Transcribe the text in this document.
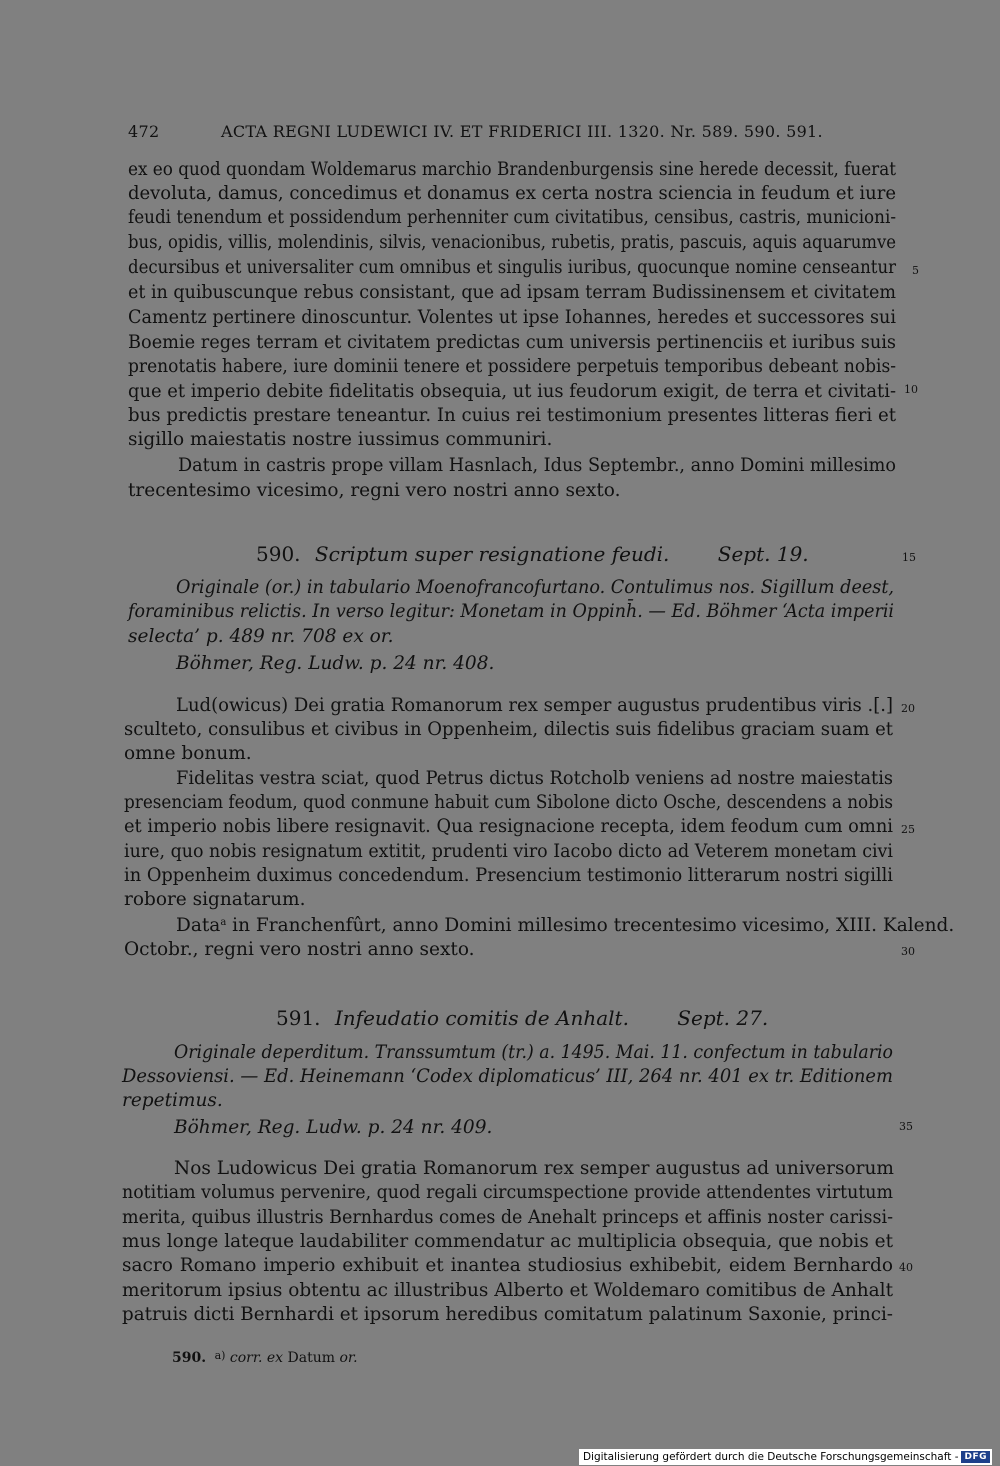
472	ACTA REGNI LUDEWICI IV. ET FRIDERICI III. 1320. Nr. 589. 590. 591.
ex eo quod quondam Woldemarus marchio Brandenburgensis sine herede decessit, fuerat
devoluta, damus, concedimus et donamus ex certa nostra sciencia in feudum et iure
feudi tenendum et possidendum perhenniter cum civitatibus, censibus, castris, municioni-
bus, opidis, villis, molendinis, silvis, venacionibus, rubetis, pratis, pascuis, aquis aquarumve
decursibus et universaliter cum omnibus et singulis iuribus, quocunque nomine censeantur
et in quibuscunque rebus consistant, que ad ipsam terram Budissinensem et civitatem
Camentz pertinere dinoscuntur. Volentes ut ipse Iohannes, heredes et successores sui
Boemie reges terram et civitatem predictas cum universis pertinenciis et iuribus suis
prenotatis habere, iure dominii tenere et possidere perpetuis temporibus debeant nobis-
que et imperio debite fidelitatis obsequia, ut ius feudorum exigit, de terra et civitati-
bus predictis prestare teneantur. In cuius rei testimonium presentes litteras fieri et
sigillo maiestatis nostre iussimus communiri.
Datum in castris prope villam Hasnlach, Idus Septembr., anno Domini millesimo
trecentesimo vicesimo, regni vero nostri anno sexto.
590. Scriptum super resignatione feudi. Sept. 19.
Originale (or.) in tabulario Moenofrancofurtano. Contulimus nos. Sigillum deest,
foraminibus relictis. In verso legitur: Monetam in Oppinh̄. — Ed. Böhmer ‘Acta imperii
selecta’ p. 489 nr. 708 ex or.
Böhmer, Reg. Ludw. p. 24 nr. 408.
Lud(owicus) Dei gratia Romanorum rex semper augustus prudentibus viris .[.]
sculteto, consulibus et civibus in Oppenheim, dilectis suis fidelibus graciam suam et
omne bonum.
Fidelitas vestra sciat, quod Petrus dictus Rotcholb veniens ad nostre maiestatis
presenciam feodum, quod conmune habuit cum Sibolone dicto Osche, descendens a nobis
et imperio nobis libere resignavit. Qua resignacione recepta, idem feodum cum omni
iure, quo nobis resignatum extitit, prudenti viro Iacobo dicto ad Veterem monetam civi
in Oppenheim duximus concedendum. Presencium testimonio litterarum nostri sigilli
robore signatarum.
Data$^a$ in Franchenfûrt, anno Domini millesimo trecentesimo vicesimo, XIII. Kalend.
Octobr., regni vero nostri anno sexto.
591. Infeudatio comitis de Anhalt. Sept. 27.
Originale deperditum. Transsumtum (tr.) a. 1495. Mai. 11. confectum in tabulario
Dessoviensi. — Ed. Heinemann ‘Codex diplomaticus’ III, 264 nr. 401 ex tr. Editionem
repetimus.
Böhmer, Reg. Ludw. p. 24 nr. 409.
Nos Ludowicus Dei gratia Romanorum rex semper augustus ad universorum
notitiam volumus pervenire, quod regali circumspectione provide attendentes virtutum
merita, quibus illustris Bernhardus comes de Anehalt princeps et affinis noster carissi-
mus longe lateque laudabiliter commendatur ac multiplicia obsequia, que nobis et
sacro Romano imperio exhibuit et inantea studiosius exhibebit, eidem Bernhardo
meritorum ipsius obtentu ac illustribus Alberto et Woldemaro comitibus de Anhalt
patruis dicti Bernhardi et ipsorum heredibus comitatum palatinum Saxonie, princi-
5
10
15
20
25
30
35
40
590. $^{a)}$ corr. ex Datum or.
Digitalisierung gefördert durch die Deutsche Forschungsgemeinschaft - DFG
